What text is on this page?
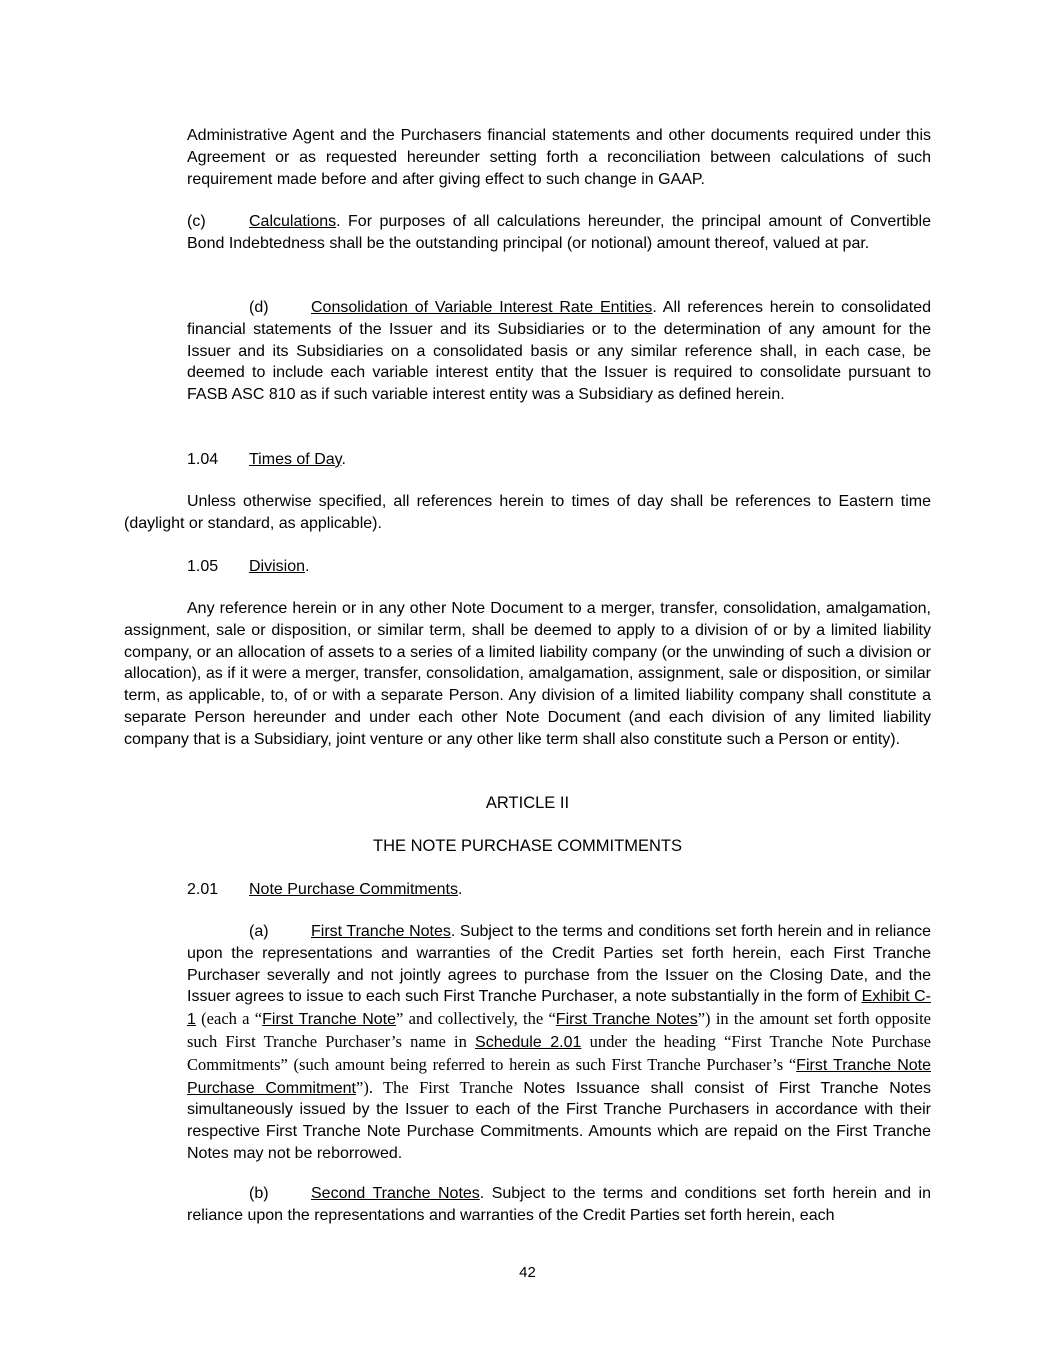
Administrative Agent and the Purchasers financial statements and other documents required under this Agreement or as requested hereunder setting forth a reconciliation between calculations of such requirement made before and after giving effect to such change in GAAP.

(c)	Calculations. For purposes of all calculations hereunder, the principal amount of Convertible Bond Indebtedness shall be the outstanding principal (or notional) amount thereof, valued at par.

(d)	Consolidation of Variable Interest Rate Entities. All references herein to consolidated financial statements of the Issuer and its Subsidiaries or to the determination of any amount for the Issuer and its Subsidiaries on a consolidated basis or any similar reference shall, in each case, be deemed to include each variable interest entity that the Issuer is required to consolidate pursuant to FASB ASC 810 as if such variable interest entity was a Subsidiary as defined herein.

1.04 Times of Day.

Unless otherwise specified, all references herein to times of day shall be references to Eastern time (daylight or standard, as applicable).

1.05 Division.

Any reference herein or in any other Note Document to a merger, transfer, consolidation, amalgamation, assignment, sale or disposition, or similar term, shall be deemed to apply to a division of or by a limited liability company, or an allocation of assets to a series of a limited liability company (or the unwinding of such a division or allocation), as if it were a merger, transfer, consolidation, amalgamation, assignment, sale or disposition, or similar term, as applicable, to, of or with a separate Person. Any division of a limited liability company shall constitute a separate Person hereunder and under each other Note Document (and each division of any limited liability company that is a Subsidiary, joint venture or any other like term shall also constitute such a Person or entity).

ARTICLE II

THE NOTE PURCHASE COMMITMENTS

2.01 Note Purchase Commitments.

(a)	First Tranche Notes. Subject to the terms and conditions set forth herein and in reliance upon the representations and warranties of the Credit Parties set forth herein, each First Tranche Purchaser severally and not jointly agrees to purchase from the Issuer on the Closing Date, and the Issuer agrees to issue to each such First Tranche Purchaser, a note substantially in the form of Exhibit C-1 (each a “First Tranche Note” and collectively, the “First Tranche Notes”) in the amount set forth opposite such First Tranche Purchaser’s name in Schedule 2.01 under the heading “First Tranche Note Purchase Commitments” (such amount being referred to herein as such First Tranche Purchaser’s “First Tranche Note Purchase Commitment”). The First Tranche Notes Issuance shall consist of First Tranche Notes simultaneously issued by the Issuer to each of the First Tranche Purchasers in accordance with their respective First Tranche Note Purchase Commitments. Amounts which are repaid on the First Tranche Notes may not be reborrowed.

(b)	Second Tranche Notes. Subject to the terms and conditions set forth herein and in reliance upon the representations and warranties of the Credit Parties set forth herein, each

42
